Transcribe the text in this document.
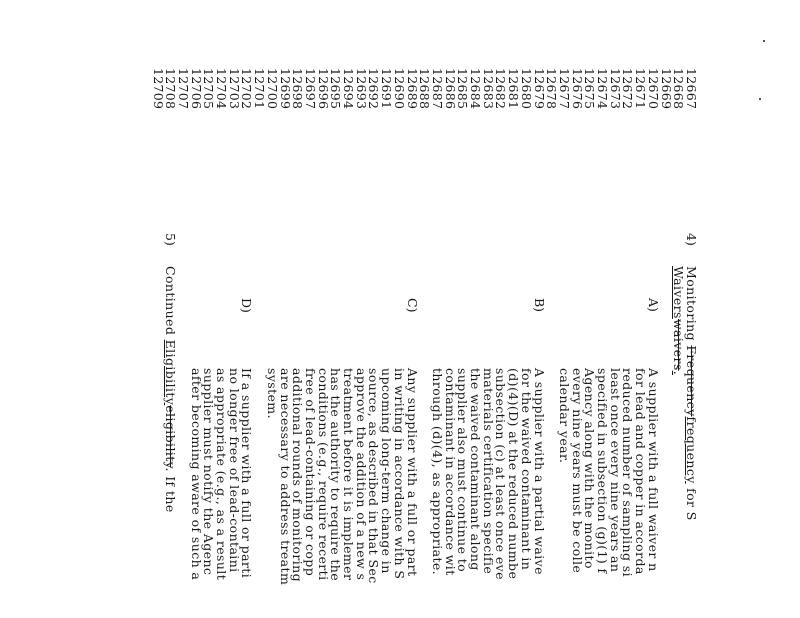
12667
4)
Monitoring Frequencyfrequency for S
12668
Waiverswaivers.
12669
12670
A)
A supplier with a full waiver n
12671
for lead and copper in accorda
12672
reduced number of sampling si
12673
least once every nine years an
12674
specified in subsection (g)(1) f
12675
Agency along with the monito
12676
every nine years must be colle
12677
calendar year.
12678
12679
B)
A supplier with a partial waive
12680
for the waived contaminant in
12681
(d)(4)(D) at the reduced numbe
12682
subsection (c) at least once eve
12683
materials certification specifie
12684
the waived contaminant along
12685
supplier also must continue to
12686
contaminant in accordance wit
12687
through (d)(4), as appropriate.
12688
12689
C)
Any supplier with a full or part
12690
in writing in accordance with S
12691
upcoming long-term change in
12692
source, as described in that Sec
12693
approve the addition of a new s
12694
treatment before it is implemer
12695
has the authority to require the
12696
conditions (e.g., require recerti
12697
free of lead-containing or copp
12698
additional rounds of monitoring
12699
are necessary to address treatm
12700
system.
12701
12702
D)
If a supplier with a full or parti
12703
no longer free of lead-containi
12704
as appropriate (e.g., as a result
12705
supplier must notify the Agenc
12706
after becoming aware of such a
12707
12708
5)
Continued Eligibilityeligibility. If the
12709
